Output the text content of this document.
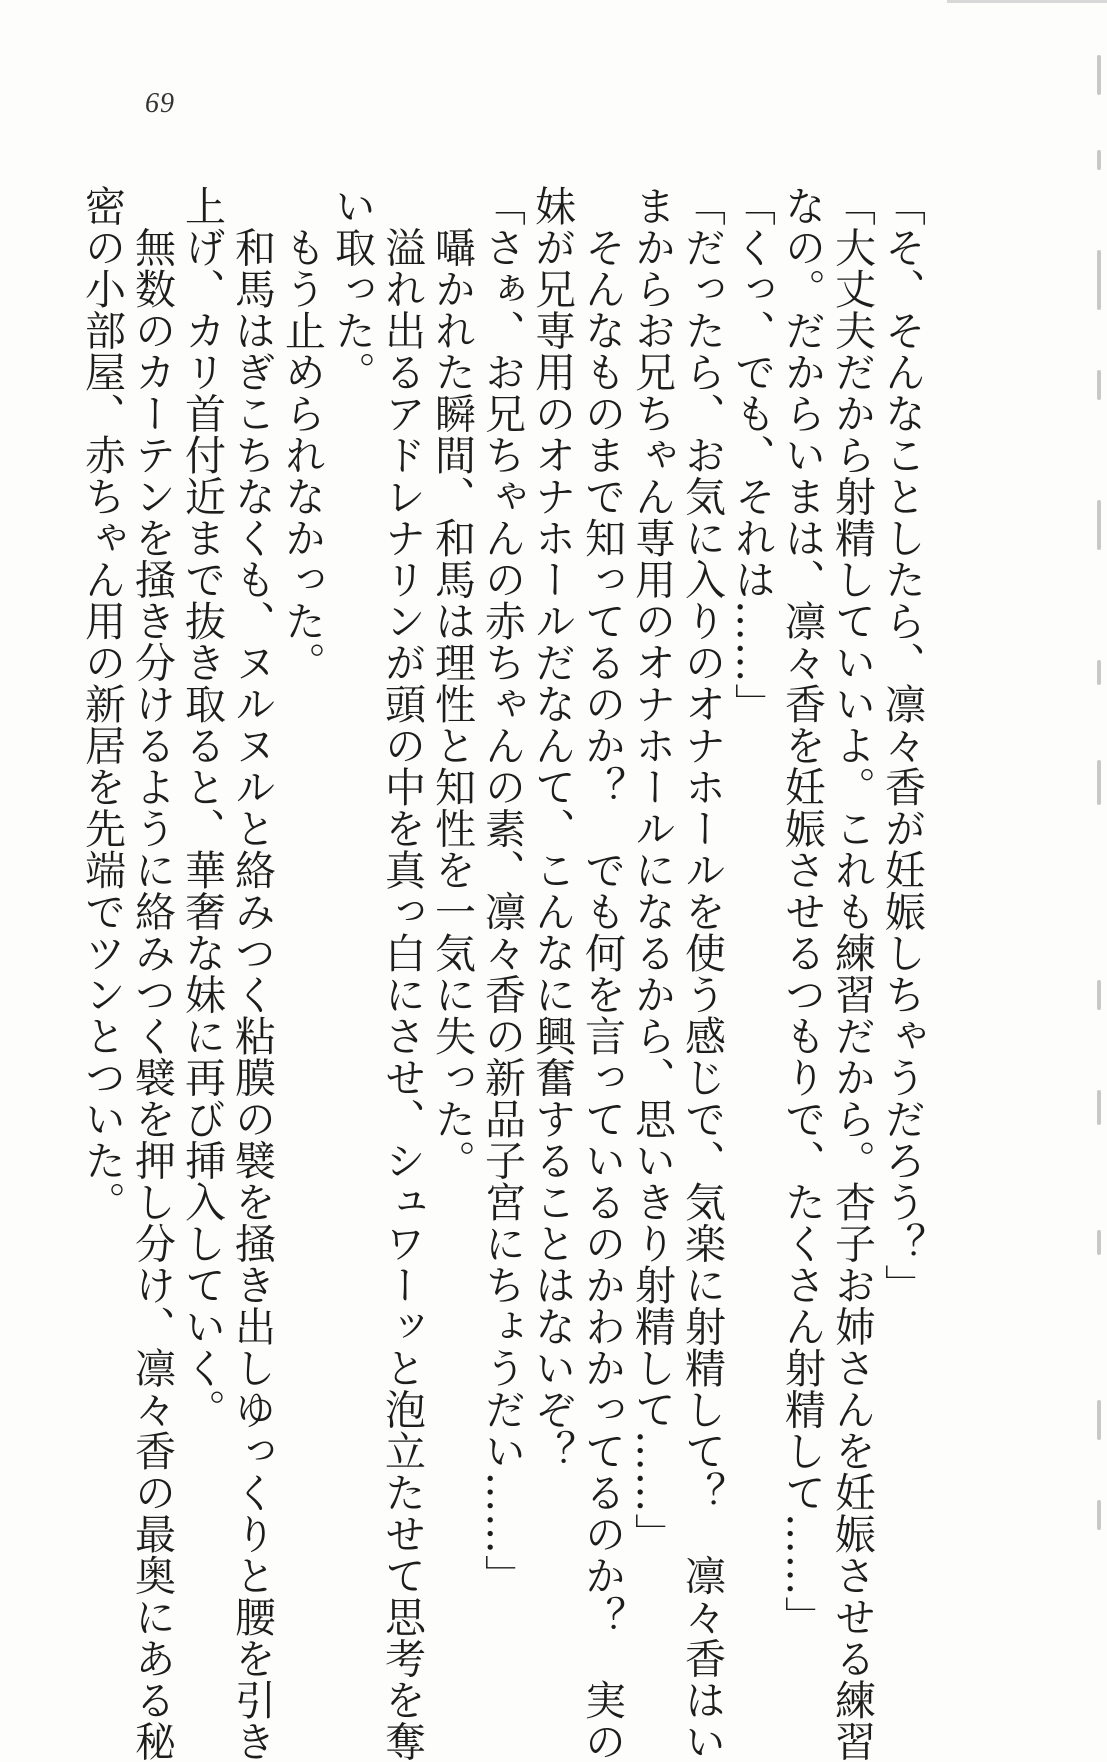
69
「そ、そんなことしたら、凛々香が妊娠しちゃうだろう？」
「大丈夫だから射精していいよ。これも練習だから。杏子お姉さんを妊娠させる練習
なの。だからいまは、凛々香を妊娠させるつもりで、たくさん射精して……」
「くっ、でも、それは……」
「だったら、お気に入りのオナホールを使う感じで、気楽に射精して？　凛々香はい
まからお兄ちゃん専用のオナホールになるから、思いきり射精して……」
　そんなものまで知ってるのか？　でも何を言っているのかわかってるのか？　実の
妹が兄専用のオナホールだなんて、こんなに興奮することはないぞ？
「さぁ、お兄ちゃんの赤ちゃんの素、凛々香の新品子宮にちょうだい……」
　囁かれた瞬間、和馬は理性と知性を一気に失った。
　溢れ出るアドレナリンが頭の中を真っ白にさせ、シュワーッと泡立たせて思考を奪
い取った。
　もう止められなかった。
　和馬はぎこちなくも、ヌルヌルと絡みつく粘膜の襞を掻き出しゆっくりと腰を引き
上げ、カリ首付近まで抜き取ると、華奢な妹に再び挿入していく。
　無数のカーテンを掻き分けるように絡みつく襞を押し分け、凛々香の最奥にある秘
密の小部屋、赤ちゃん用の新居を先端でツンとついた。
